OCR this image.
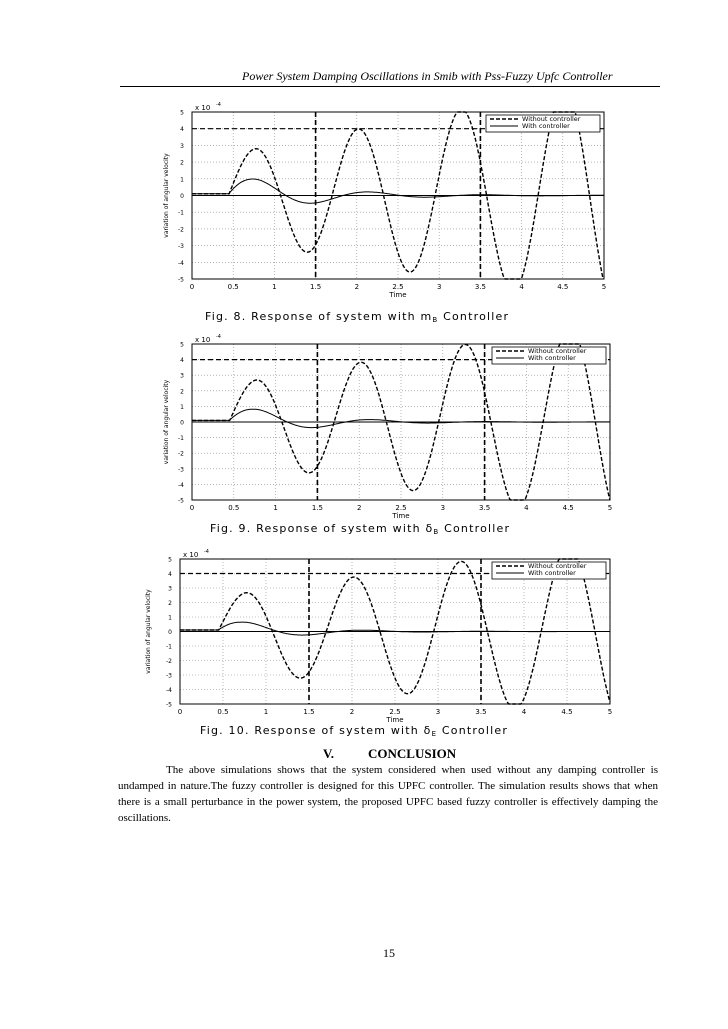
Power System Damping Oscillations in Smib with Pss-Fuzzy Upfc Controller
0	0.5	1	1.5	2	2.5	3	3.5	4	4.5	5
-5
-4
-3
-2
-1
0
1
2
3
4
5
x 10 -4
Time
variation of angular velocity
Without controller
With controller
Fig. 8. Response of system with mB Controller
0	0.5	1	1.5	2	2.5	3	3.5	4	4.5	5
-5
-4
-3
-2
-1
0
1
2
3
4
5
x 10 -4
Time
variation of angular velocity
Without controller
With controller
Fig. 9. Response of system with δB Controller
0	0.5	1	1.5	2	2.5	3	3.5	4	4.5	5
-5
-4
-3
-2
-1
0
1
2
3
4
5
x 10 -4
Time
variation of angular velocity
Without controller
With controller
Fig. 10. Response of system with δE Controller
V.	CONCLUSION
The above simulations shows that the system considered when used without any damping controller is undamped in nature.The fuzzy controller is designed for this UPFC controller. The simulation results shows that when there is a small perturbance in the power system, the proposed UPFC based fuzzy controller is effectively damping the oscillations.
15
